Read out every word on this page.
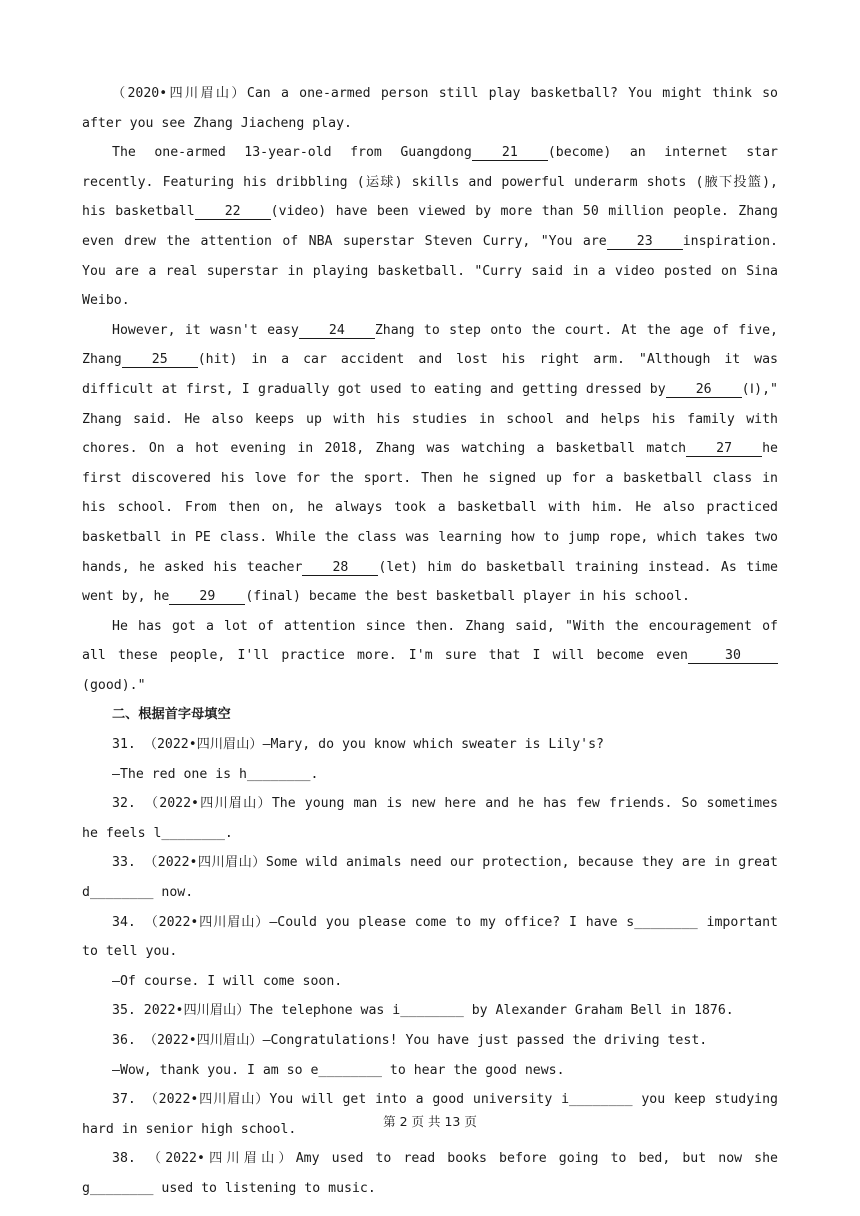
（2020•四川眉山）Can a one-armed person still play basketball? You might think so after you see Zhang Jiacheng play.

The one-armed 13-year-old from Guangdong 21 (become) an internet star recently. Featuring his dribbling (运球) skills and powerful underarm shots (腋下投篮), his basketball 22 (video) have been viewed by more than 50 million people. Zhang even drew the attention of NBA superstar Steven Curry, "You are 23 inspiration. You are a real superstar in playing basketball. "Curry said in a video posted on Sina Weibo.

However, it wasn't easy 24 Zhang to step onto the court. At the age of five, Zhang 25 (hit) in a car accident and lost his right arm. "Although it was difficult at first, I gradually got used to eating and getting dressed by 26 (Ⅰ)," Zhang said. He also keeps up with his studies in school and helps his family with chores. On a hot evening in 2018, Zhang was watching a basketball match 27 he first discovered his love for the sport. Then he signed up for a basketball class in his school. From then on, he always took a basketball with him. He also practiced basketball in PE class. While the class was learning how to jump rope, which takes two hands, he asked his teacher 28 (let) him do basketball training instead. As time went by, he 29 (final) became the best basketball player in his school.

He has got a lot of attention since then. Zhang said, "With the encouragement of all these people, I'll practice more. I'm sure that I will become even	30(good)."

二、根据首字母填空

31. （2022•四川眉山）—Mary, do you know which sweater is Lily's?

—The red one is h________.

32. （2022•四川眉山）The young man is new here and he has few friends. So sometimes he feels l________.

33. （2022•四川眉山）Some wild animals need our protection, because they are in great d________ now.

34. （2022•四川眉山）—Could you please come to my office? I have s________ important to tell you.

—Of course. I will come soon.

35. 2022•四川眉山）The telephone was i________ by Alexander Graham Bell in 1876.

36. （2022•四川眉山）—Congratulations! You have just passed the driving test.

—Wow, thank you. I am so e________ to hear the good news.

37. （2022•四川眉山）You will get into a good university i________ you keep studying hard in senior high school.

38. （2022•四川眉山）Amy used to read books before going to bed, but now she g________ used to listening to music.

第 2 页 共 13 页
